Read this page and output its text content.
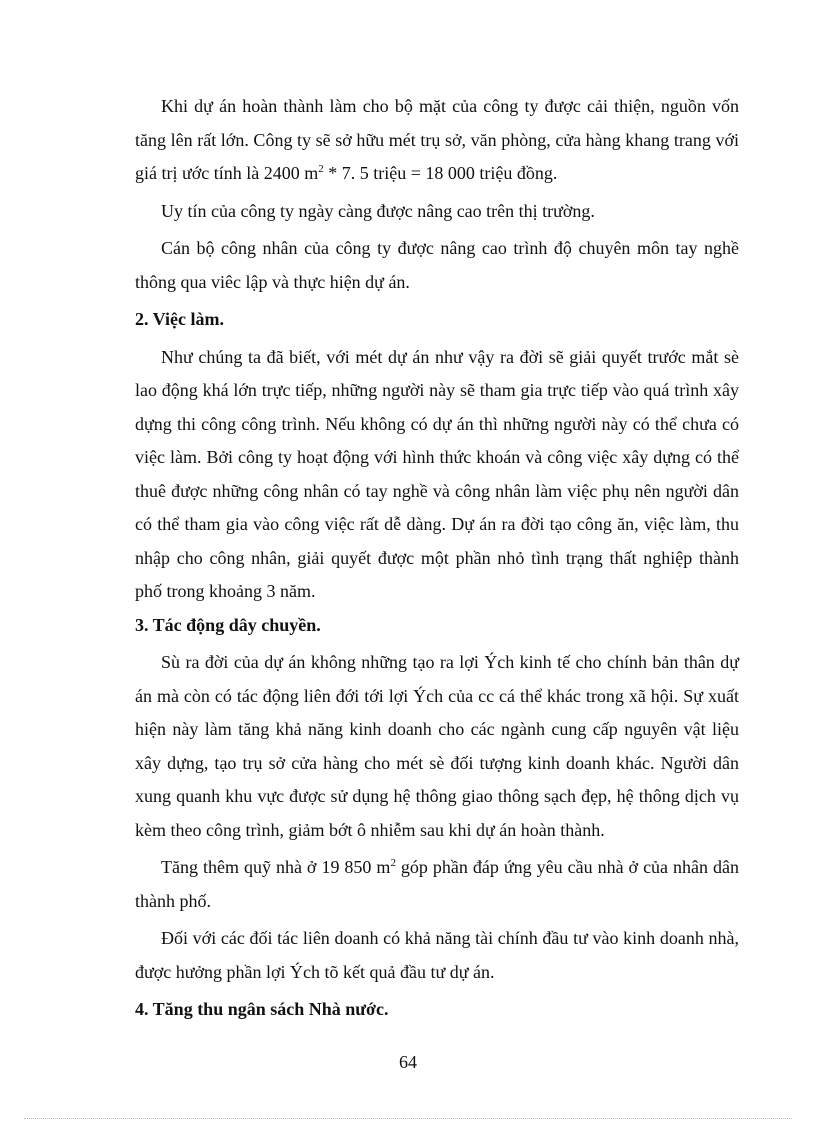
Khi dự án hoàn thành làm cho bộ mặt của công ty được cải thiện, nguồn vốn tăng lên rất lớn. Công ty sẽ sở hữu mét trụ sở, văn phòng, cửa hàng khang trang với giá trị ước tính là 2400 $m^2 * 7$. 5 triệu = 18 000 triệu đồng.

Uy tín của công ty ngày càng được nâng cao trên thị trường.

Cán bộ công nhân của công ty được nâng cao trình độ chuyên môn tay nghề thông qua viêc lập và thực hiện dự án.

2. Việc làm.

Như chúng ta đã biết, với mét dự án như vậy ra đời sẽ giải quyết trước mắt sè lao động khá lớn trực tiếp, những người này sẽ tham gia trực tiếp vào quá trình xây dựng thi công công trình. Nếu không có dự án thì những người này có thể chưa có việc làm. Bởi công ty hoạt động với hình thức khoán và công việc xây dựng có thể thuê được những công nhân có tay nghề và công nhân làm việc phụ nên người dân có thể tham gia vào công việc rất dễ dàng. Dự án ra đời tạo công ăn, việc làm, thu nhập cho công nhân, giải quyết được một phần nhỏ tình trạng thất nghiệp thành phố trong khoảng 3 năm.

3. Tác động dây chuyền.

Sù ra đời của dự án không những tạo ra lợi Ých kinh tế cho chính bản thân dự án mà còn có tác động liên đới tới lợi Ých của cc cá thể khác trong xã hội. Sự xuất hiện này làm tăng khả năng kinh doanh cho các ngành cung cấp nguyên vật liệu xây dựng, tạo trụ sở cửa hàng cho mét sè đối tượng kinh doanh khác. Người dân xung quanh khu vực được sử dụng hệ thông giao thông sạch đẹp, hệ thông dịch vụ kèm theo công trình, giảm bớt ô nhiễm sau khi dự án hoàn thành.

Tăng thêm quỹ nhà ở 19 850 $m^2$ góp phần đáp ứng yêu cầu nhà ở của nhân dân thành phố.

Đối với các đối tác liên doanh có khả năng tài chính đầu tư vào kinh doanh nhà, được hưởng phần lợi Ých tõ kết quả đầu tư dự án.

4. Tăng thu ngân sách Nhà nước.
64
